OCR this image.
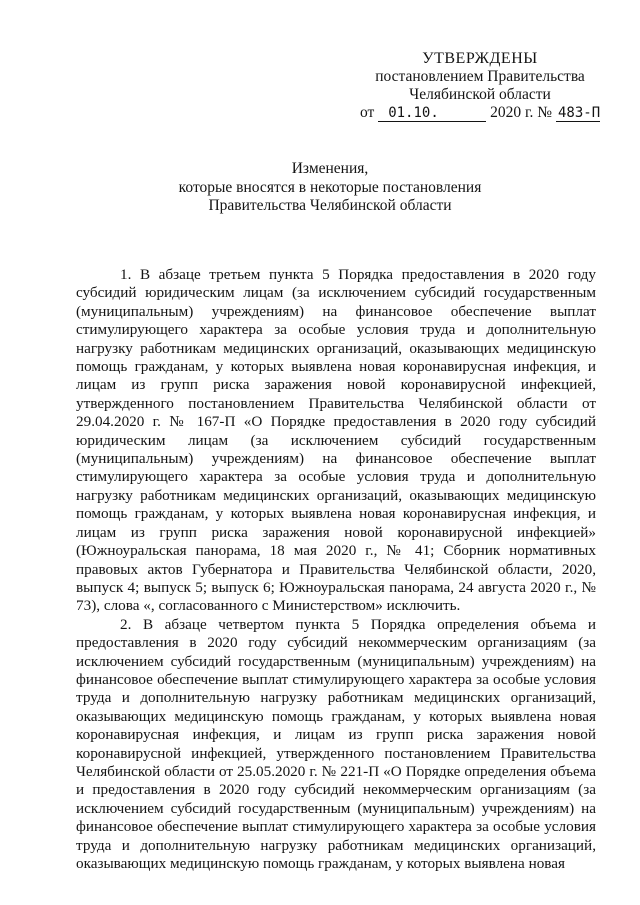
УТВЕРЖДЕНЫ
постановлением Правительства
Челябинской области
от 01.10.	2020 г. № 483-П
Изменения,
которые вносятся в некоторые постановления
Правительства Челябинской области

1. В абзаце третьем пункта 5 Порядка предоставления в 2020 году субсидий юридическим лицам (за исключением субсидий государственным (муниципальным) учреждениям) на финансовое обеспечение выплат стимулирующего характера за особые условия труда и дополнительную нагрузку работникам медицинских организаций, оказывающих медицинскую помощь гражданам, у которых выявлена новая коронавирусная инфекция, и лицам из групп риска заражения новой коронавирусной инфекцией, утвержденного постановлением Правительства Челябинской области от 29.04.2020 г. № 167-П «О Порядке предоставления в 2020 году субсидий юридическим лицам (за исключением субсидий государственным (муниципальным) учреждениям) на финансовое обеспечение выплат стимулирующего характера за особые условия труда и дополнительную нагрузку работникам медицинских организаций, оказывающих медицинскую помощь гражданам, у которых выявлена новая коронавирусная инфекция, и лицам из групп риска заражения новой коронавирусной инфекцией» (Южноуральская панорама, 18 мая 2020 г., № 41; Сборник нормативных правовых актов Губернатора и Правительства Челябинской области, 2020, выпуск 4; выпуск 5; выпуск 6; Южноуральская панорама, 24 августа 2020 г., № 73), слова «, согласованного с Министерством» исключить.

2. В абзаце четвертом пункта 5 Порядка определения объема и предоставления в 2020 году субсидий некоммерческим организациям (за исключением субсидий государственным (муниципальным) учреждениям) на финансовое обеспечение выплат стимулирующего характера за особые условия труда и дополнительную нагрузку работникам медицинских организаций, оказывающих медицинскую помощь гражданам, у которых выявлена новая коронавирусная инфекция, и лицам из групп риска заражения новой коронавирусной инфекцией, утвержденного постановлением Правительства Челябинской области от 25.05.2020 г. № 221-П «О Порядке определения объема и предоставления в 2020 году субсидий некоммерческим организациям (за исключением субсидий государственным (муниципальным) учреждениям) на финансовое обеспечение выплат стимулирующего характера за особые условия труда и дополнительную нагрузку работникам медицинских организаций, оказывающих медицинскую помощь гражданам, у которых выявлена новая
